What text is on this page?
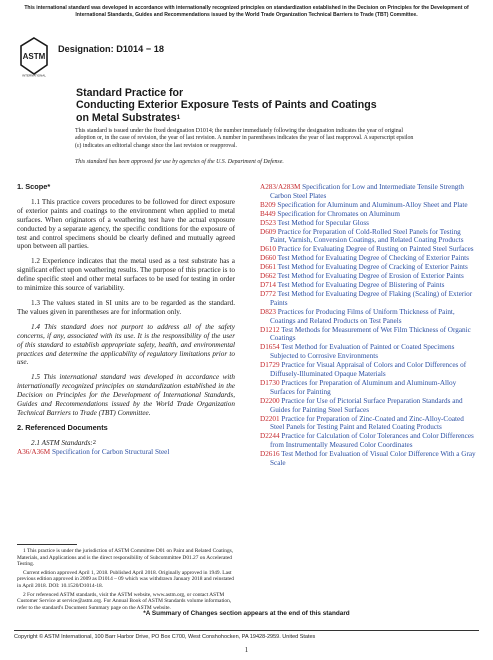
This international standard was developed in accordance with internationally recognized principles on standardization established in the Decision on Principles for the Development of International Standards, Guides and Recommendations issued by the World Trade Organization Technical Barriers to Trade (TBT) Committee.
ASTM
INTERNATIONAL
Designation: D1014 − 18
Standard Practice for
Conducting Exterior Exposure Tests of Paints and Coatings
on Metal Substrates$^1$
This standard is issued under the fixed designation D1014; the number immediately following the designation indicates the year of original adoption or, in the case of revision, the year of last revision. A number in parentheses indicates the year of last reapproval. A superscript epsilon (ε) indicates an editorial change since the last revision or reapproval.
This standard has been approved for use by agencies of the U.S. Department of Defense.
1. Scope*

1.1 This practice covers procedures to be followed for direct exposure of exterior paints and coatings to the environment when applied to metal surfaces. When originators of a weathering test have the actual exposure conducted by a separate agency, the specific conditions for the exposure of test and control specimens should be clearly defined and mutually agreed upon between all parties.

1.2 Experience indicates that the metal used as a test substrate has a significant effect upon weathering results. The purpose of this practice is to define specific steel and other metal surfaces to be used for testing in order to minimize this source of variability.

1.3 The values stated in SI units are to be regarded as the standard. The values given in parentheses are for information only.

1.4 This standard does not purport to address all of the safety concerns, if any, associated with its use. It is the responsibility of the user of this standard to establish appropriate safety, health, and environmental practices and determine the applicability of regulatory limitations prior to use.

1.5 This international standard was developed in accordance with internationally recognized principles on standardization established in the Decision on Principles for the Development of International Standards, Guides and Recommendations issued by the World Trade Organization Technical Barriers to Trade (TBT) Committee.

2. Referenced Documents
2.1 ASTM Standards:2
A36/A36M Specification for Carbon Structural Steel
A283/A283M Specification for Low and Intermediate Tensile Strength Carbon Steel Plates
B209 Specification for Aluminum and Aluminum-Alloy Sheet and Plate
B449 Specification for Chromates on Aluminum
D523 Test Method for Specular Gloss
D609 Practice for Preparation of Cold-Rolled Steel Panels for Testing Paint, Varnish, Conversion Coatings, and Related Coating Products
D610 Practice for Evaluating Degree of Rusting on Painted Steel Surfaces
D660 Test Method for Evaluating Degree of Checking of Exterior Paints
D661 Test Method for Evaluating Degree of Cracking of Exterior Paints
D662 Test Method for Evaluating Degree of Erosion of Exterior Paints
D714 Test Method for Evaluating Degree of Blistering of Paints
D772 Test Method for Evaluating Degree of Flaking (Scaling) of Exterior Paints
D823 Practices for Producing Films of Uniform Thickness of Paint, Coatings and Related Products on Test Panels
D1212 Test Methods for Measurement of Wet Film Thickness of Organic Coatings
D1654 Test Method for Evaluation of Painted or Coated Specimens Subjected to Corrosive Environments
D1729 Practice for Visual Appraisal of Colors and Color Differences of Diffusely-Illuminated Opaque Materials
D1730 Practices for Preparation of Aluminum and Aluminum-Alloy Surfaces for Painting
D2200 Practice for Use of Pictorial Surface Preparation Standards and Guides for Painting Steel Surfaces
D2201 Practice for Preparation of Zinc-Coated and Zinc-Alloy-Coated Steel Panels for Testing Paint and Related Coating Products
D2244 Practice for Calculation of Color Tolerances and Color Differences from Instrumentally Measured Color Coordinates
D2616 Test Method for Evaluation of Visual Color Difference With a Gray Scale

1 This practice is under the jurisdiction of ASTM Committee D01 on Paint and Related Coatings, Materials, and Applications and is the direct responsibility of Subcommittee D01.27 on Accelerated Testing.

Current edition approved April 1, 2018. Published April 2018. Originally approved in 1949. Last previous edition approved in 2009 as D1014 – 09 which was withdrawn January 2018 and reinstated in April 2018. DOI: 10.1520/D1014-18.

2 For referenced ASTM standards, visit the ASTM website, www.astm.org, or contact ASTM Customer Service at service@astm.org. For Annual Book of ASTM Standards volume information, refer to the standard's Document Summary page on the ASTM website.

*A Summary of Changes section appears at the end of this standard
Copyright © ASTM International, 100 Barr Harbor Drive, PO Box C700, West Conshohocken, PA 19428-2959. United States
1
